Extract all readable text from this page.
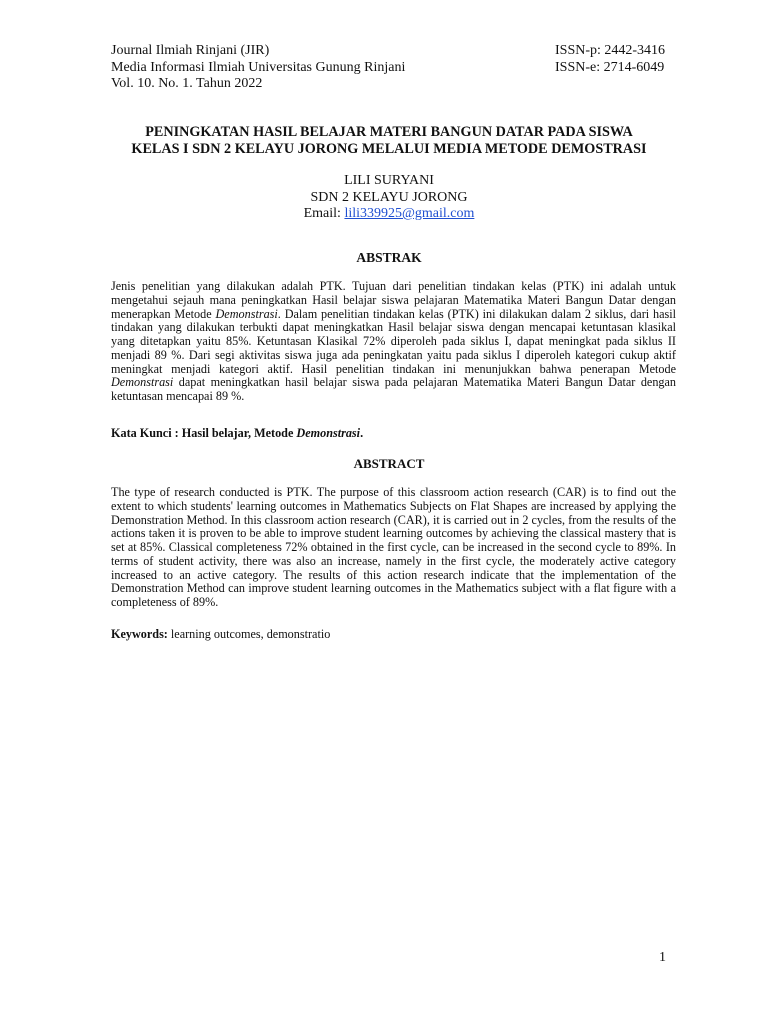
Journal Ilmiah Rinjani (JIR)
Media Informasi Ilmiah Universitas Gunung Rinjani
Vol. 10. No. 1. Tahun 2022
ISSN-p: 2442-3416
ISSN-e: 2714-6049
PENINGKATAN HASIL BELAJAR MATERI BANGUN DATAR PADA SISWA
KELAS I SDN 2 KELAYU JORONG MELALUI MEDIA METODE DEMOSTRASI
LILI SURYANI
SDN 2 KELAYU JORONG
Email: lili339925@gmail.com
ABSTRAK
Jenis penelitian yang dilakukan adalah PTK. Tujuan dari penelitian tindakan kelas (PTK) ini adalah untuk mengetahui sejauh mana peningkatkan Hasil belajar siswa pelajaran Matematika Materi Bangun Datar dengan menerapkan Metode Demonstrasi. Dalam penelitian tindakan kelas (PTK) ini dilakukan dalam 2 siklus, dari hasil tindakan yang dilakukan terbukti dapat meningkatkan Hasil belajar siswa dengan mencapai ketuntasan klasikal yang ditetapkan yaitu 85%. Ketuntasan Klasikal 72% diperoleh pada siklus I, dapat meningkat pada siklus II menjadi 89 %. Dari segi aktivitas siswa juga ada peningkatan yaitu pada siklus I diperoleh kategori cukup aktif meningkat menjadi kategori aktif. Hasil penelitian tindakan ini menunjukkan bahwa penerapan Metode Demonstrasi dapat meningkatkan hasil belajar siswa pada pelajaran Matematika Materi Bangun Datar dengan ketuntasan mencapai 89 %.
Kata Kunci : Hasil belajar, Metode Demonstrasi.
ABSTRACT
The type of research conducted is PTK. The purpose of this classroom action research (CAR) is to find out the extent to which students' learning outcomes in Mathematics Subjects on Flat Shapes are increased by applying the Demonstration Method. In this classroom action research (CAR), it is carried out in 2 cycles, from the results of the actions taken it is proven to be able to improve student learning outcomes by achieving the classical mastery that is set at 85%. Classical completeness 72% obtained in the first cycle, can be increased in the second cycle to 89%. In terms of student activity, there was also an increase, namely in the first cycle, the moderately active category increased to an active category. The results of this action research indicate that the implementation of the Demonstration Method can improve student learning outcomes in the Mathematics subject with a flat figure with a completeness of 89%.
Keywords: learning outcomes, demonstratio
1
